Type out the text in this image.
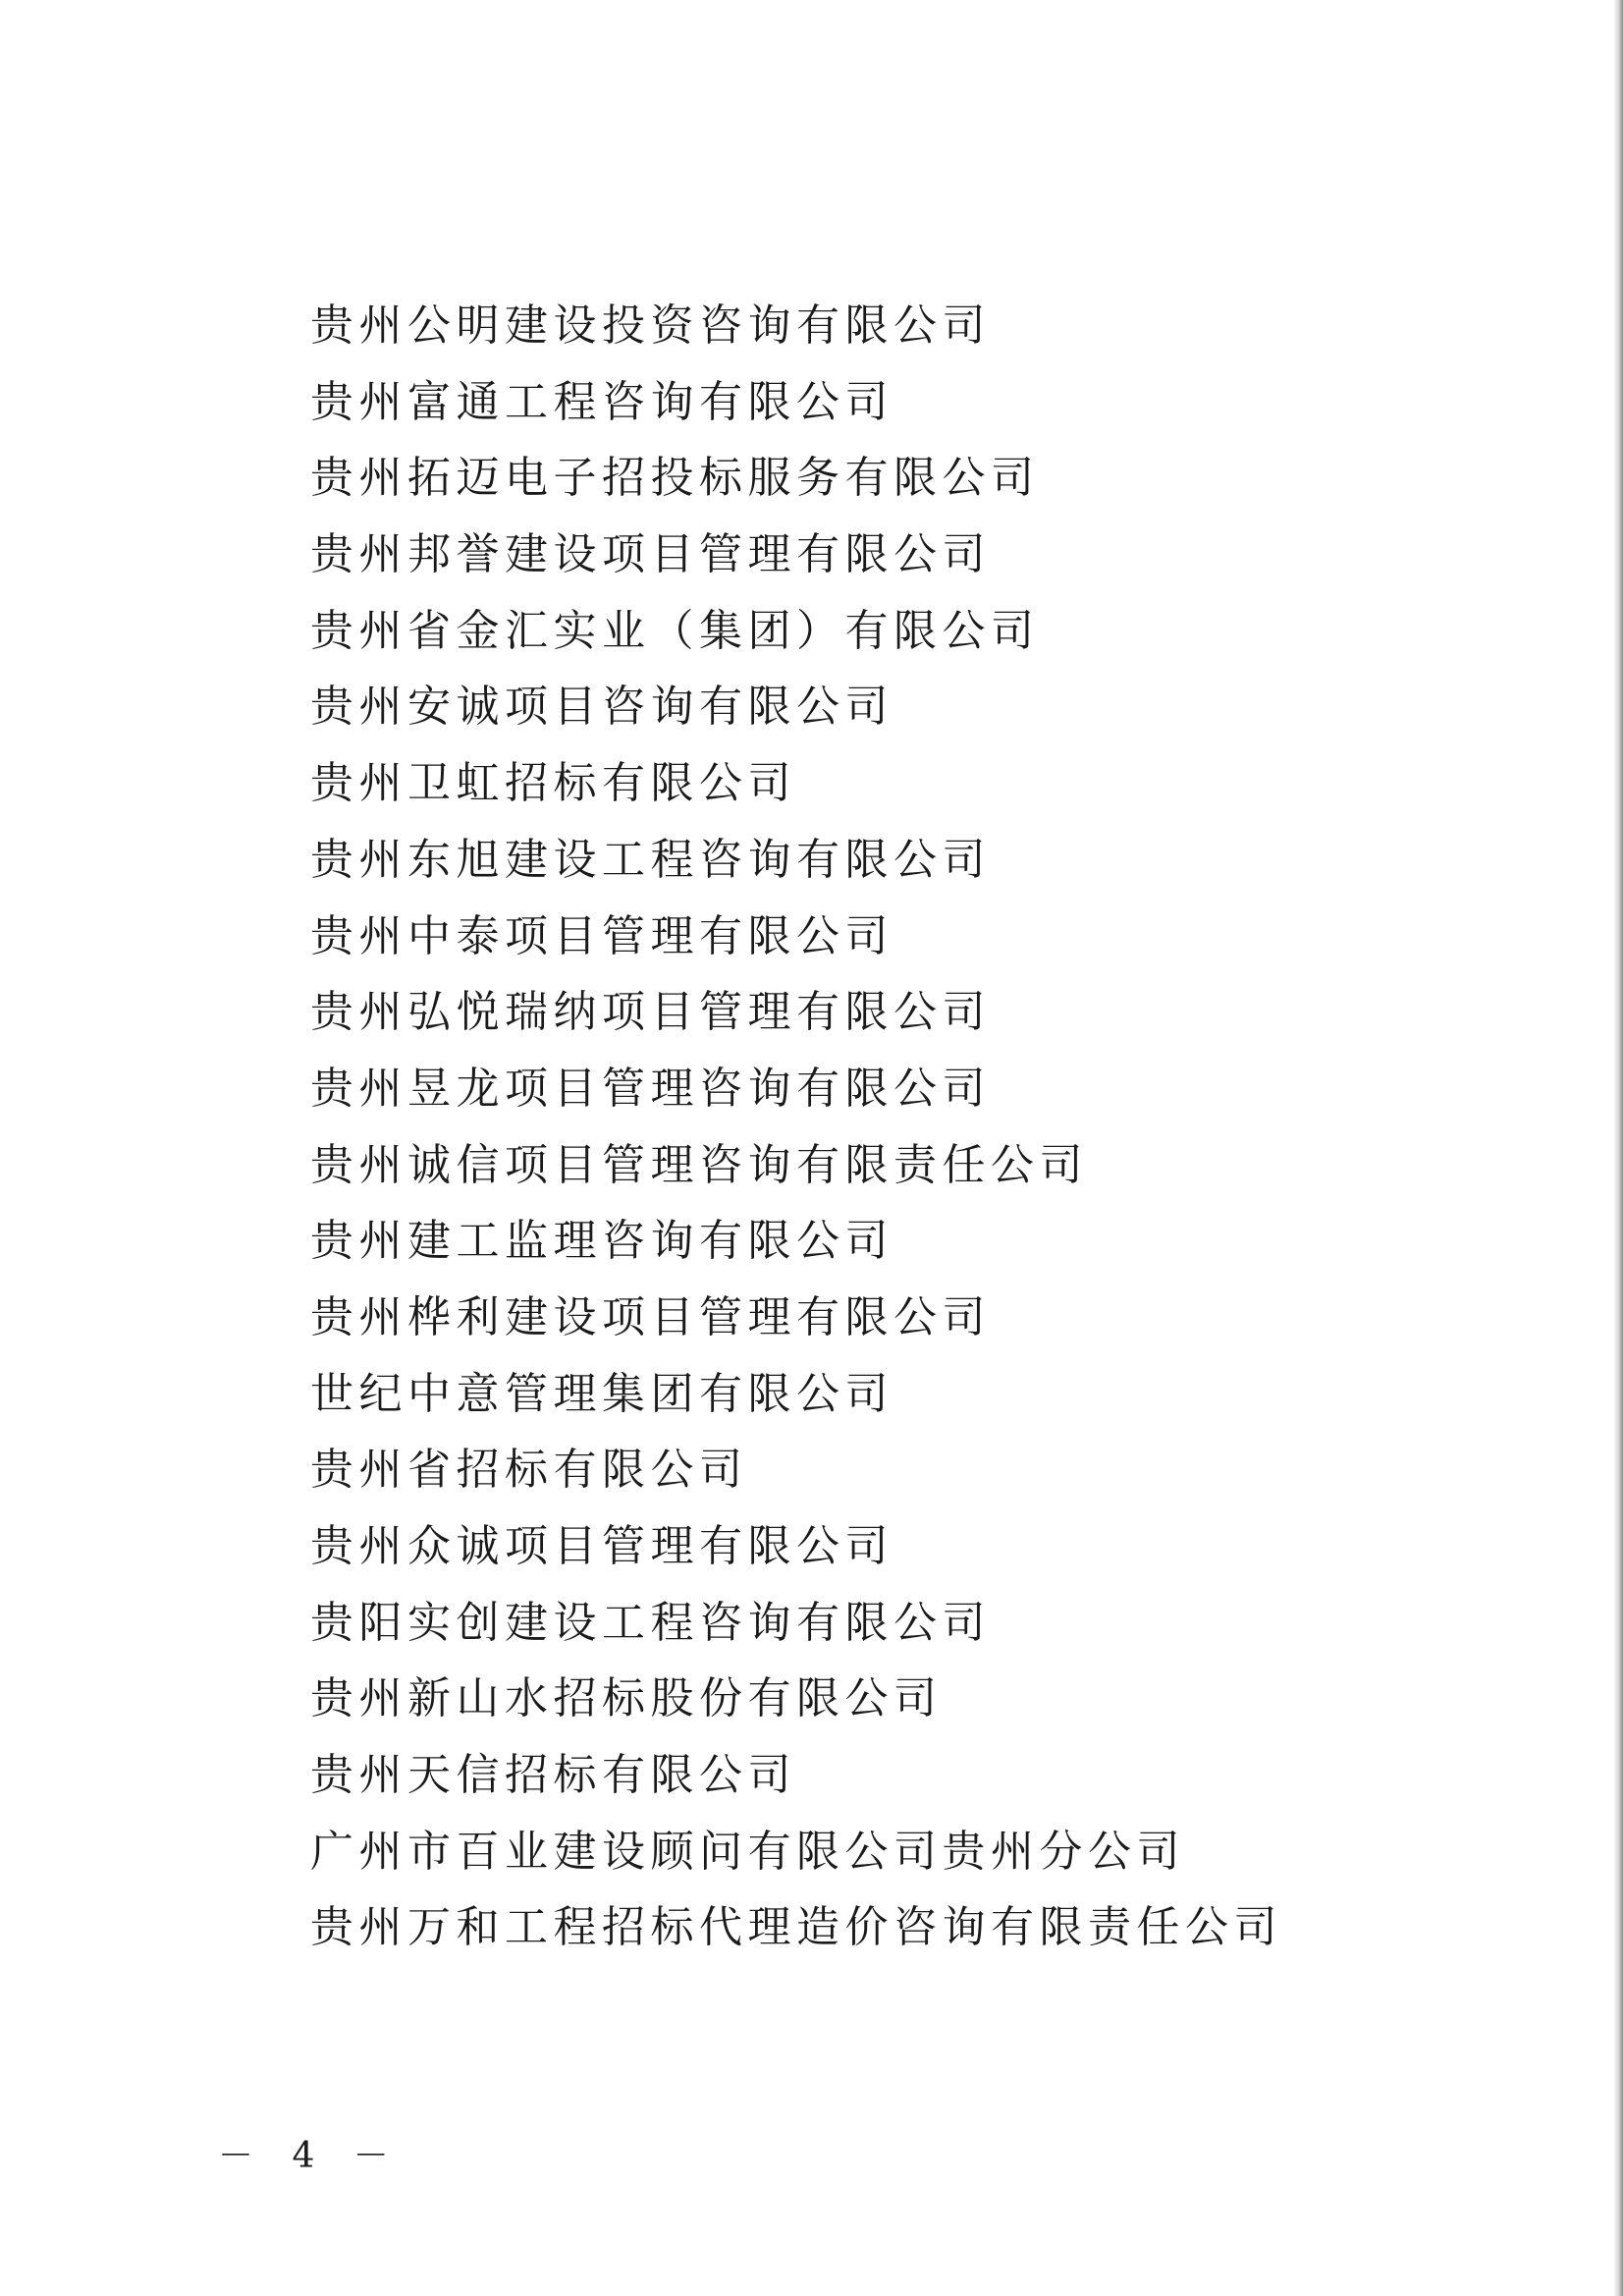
贵州公明建设投资咨询有限公司
贵州富通工程咨询有限公司
贵州拓迈电子招投标服务有限公司
贵州邦誉建设项目管理有限公司
贵州省金汇实业（集团）有限公司
贵州安诚项目咨询有限公司
贵州卫虹招标有限公司
贵州东旭建设工程咨询有限公司
贵州中泰项目管理有限公司
贵州弘悦瑞纳项目管理有限公司
贵州昱龙项目管理咨询有限公司
贵州诚信项目管理咨询有限责任公司
贵州建工监理咨询有限公司
贵州桦利建设项目管理有限公司
世纪中意管理集团有限公司
贵州省招标有限公司
贵州众诚项目管理有限公司
贵阳实创建设工程咨询有限公司
贵州新山水招标股份有限公司
贵州天信招标有限公司
广州市百业建设顾问有限公司贵州分公司
贵州万和工程招标代理造价咨询有限责任公司
－ 4 －
